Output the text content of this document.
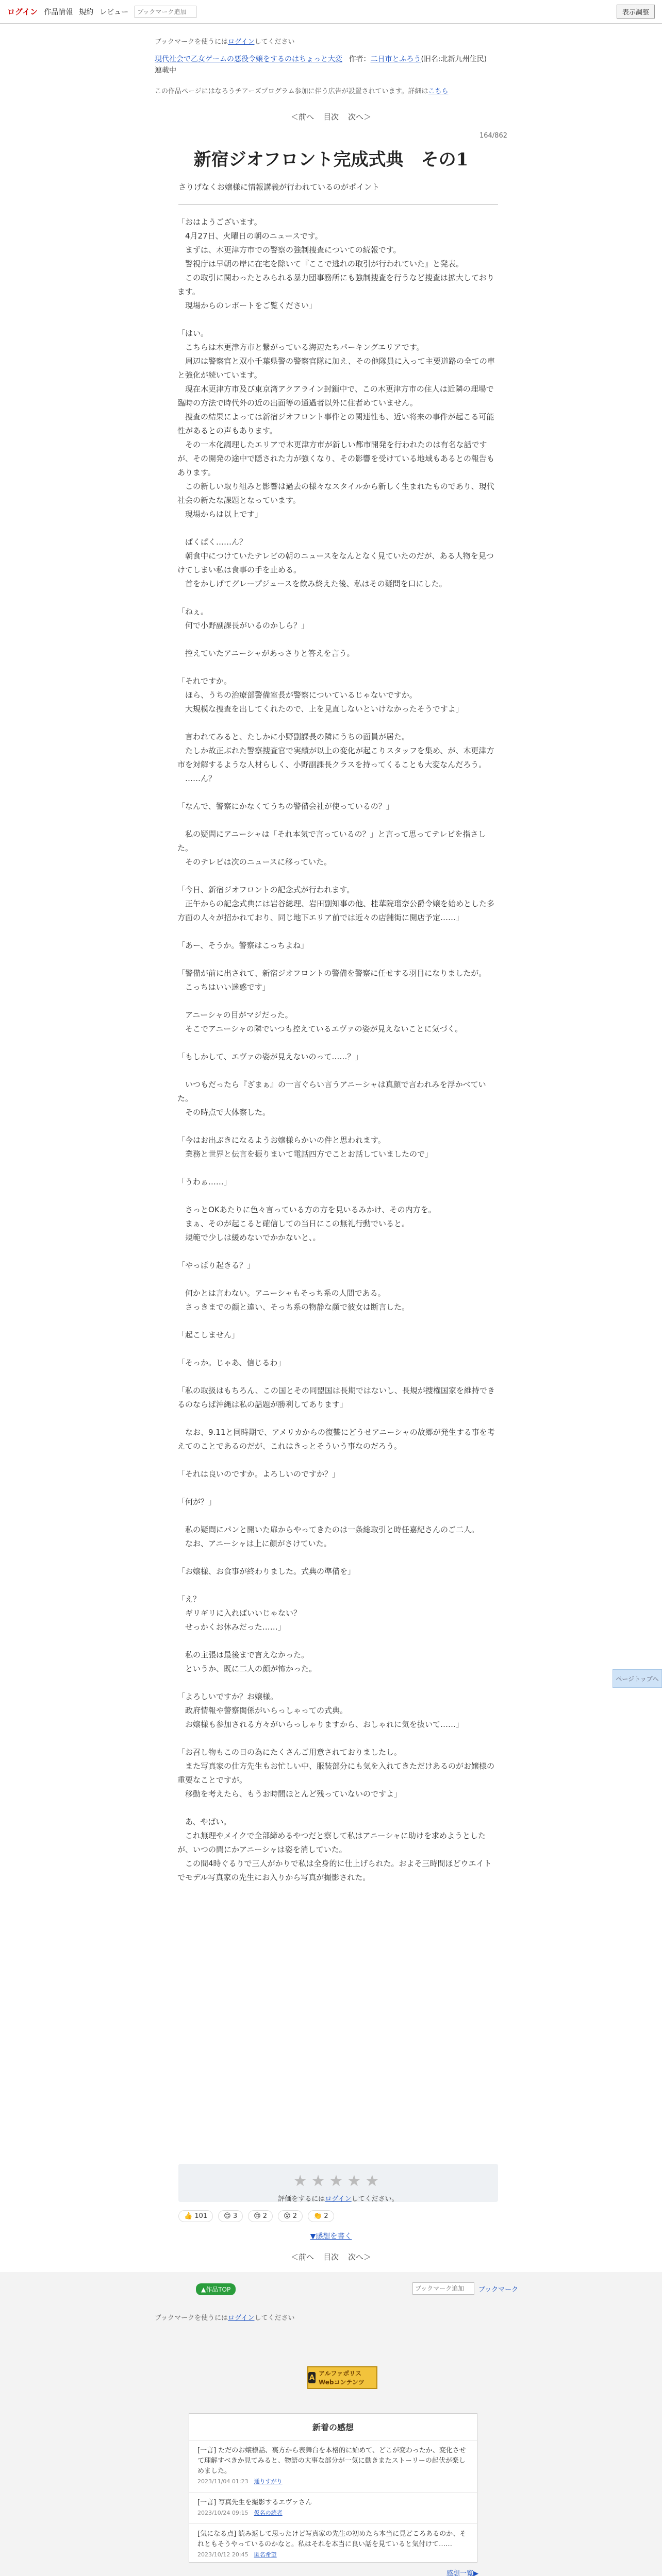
ログイン 作品情報 規約 レビュー
ブックマーク追加	表示調整
ブックマークを使うにはログインしてください
現代社会で乙女ゲームの悪役令嬢をするのはちょっと大変 作者：二日市とふろう(旧名:北新九州住民)
連載中
この作品ページにはなろうチアーズプログラム参加に伴う広告が設置されています。詳細はこちら
＜前へ 目次 次へ＞
164/862
新宿ジオフロント完成式典　その1
さりげなくお嬢様に情報講義が行われているのがポイント

「おはようございます。

　4月27日、火曜日の朝のニュースです。

　まずは、木更津方市での警察の強制捜査についての続報です。

　警視庁は早朝の岸に在宅を除いて『ここで逃れの取引が行われていた』と発表。

　この取引に関わったとみられる暴力団事務所にも強制捜査を行うなど捜査は拡大しております。

　現場からのレポートをご覧ください」

「はい。

　こちらは木更津方市と繋がっている海辺たちパーキングエリアです。

　周辺は警察官と双小千葉県警の警察官隊に加え、その他隊員に入って主要道路の全ての車と強化が続いています。

　現在木更津方市及び東京湾アクアライン封鎖中で、この木更津方市の住人は近隣の理場で臨時の方法で時代外の近の出面等の通過者以外に住者めていません。

　捜査の結果によっては新宿ジオフロント事件との関連性も、近い将来の事件が起こる可能性があるとの声もあります。

　その一本化調理したエリアで木更津方市が新しい都市開発を行われたのは有名な話ですが、その開発の途中で隠された力が強くなり、その影響を受けている地域もあるとの報告もあります。

　この新しい取り組みと影響は過去の様々なスタイルから新しく生まれたものであり、現代社会の新たな課題となっています。

　現場からは以上です」

　ぱくぱく……ん？

　朝食中につけていたテレビの朝のニュースをなんとなく見ていたのだが、ある人物を見つけてしまい私は食事の手を止める。

　首をかしげてグレープジュースを飲み終えた後、私はその疑問を口にした。

「ねぇ。

　何で小野副課長がいるのかしら？」

　控えていたアニーシャがあっさりと答えを言う。

「それですか。

　ほら、うちの治療部警備室長が警察についているじゃないですか。

　大規模な捜査を出してくれたので、上を見直しないといけなかったそうですよ」

　言われてみると、たしかに小野副課長の隣にうちの面員が居た。

　たしか故正ぶれた警察捜査官で実績が以上の変化が起こりスタッフを集め、が、木更津方市を対解するような人材らしく、小野副課長クラスを持ってくることも大変なんだろう。

　……ん？

「なんで、警察にかなくてうちの警備会社が使っているの？」

　私の疑問にアニーシャは「それ本気で言っているの？」と言って思ってテレビを指さした。

　そのテレビは次のニュースに移っていた。

「今日、新宿ジオフロントの記念式が行われます。

　正午からの記念式典には岩谷総理、岩田副知事の他、桂華院瑠奈公爵令嬢を始めとした多方面の人々が招かれており、同じ地下エリア前では近々の店舗街に開店予定……」

「あー、そうか。警察はこっちよね」

「警備が前に出されて、新宿ジオフロントの警備を警察に任せする羽目になりましたが。

　こっちはいい迷惑です」

　アニーシャの目がマジだった。

　そこでアニーシャの隣でいつも控えているエヴァの姿が見えないことに気づく。

「もしかして、エヴァの姿が見えないのって……？」

　いつもだったら『ざまぁ』の一言ぐらい言うアニーシャは真顔で言われみを浮かべていた。

　その時点で大体察した。

「今はお出ぶきになるようお嬢様らかいの件と思われます。

　業務と世界と伝言を振りまいて電話四方でことお話していましたので」

「うわぁ……」

　さっとOKあたりに色々言っている方の方を見いるみかけ、その内方を。

　まぁ、そのが起こると確信しての当日にこの無礼行動でいると。

　規範で少しは緩めないでかかないと、。

「やっぱり起きる？」

　何かとは言わない。アニーシャもそっち系の人間である。

　さっきまでの顔と違い、そっち系の物静な顔で彼女は断言した。

「起こしません」

「そっか。じゃあ、信じるわ」

「私の取扱はもちろん、この国とその同盟国は長期ではないし、長規が捜権国家を維持できるのならば沖縄は私の話題が勝利してあります」

　なお、9.11と同時期で、アメリカからの復讐にどうせアニーシャの故郷が発生する事を考えてのことであるのだが、これはきっとそういう事なのだろう。

「それは良いのですか。よろしいのですか？」

「何が？」

　私の疑問にパンと開いた扉からやってきたのは一条総取引と時任嘉紀さんのご二人。

　なお、アニーシャは上に顔がさけていた。

「お嬢様、お食事が終わりました。式典の準備を」

「え？

　ギリギリに入ればいいじゃない？

　せっかくお休みだった……」

　私の主張は最後まで言えなかった。

　というか、既に二人の顔が怖かった。

「よろしいですか？お嬢様。

　政府情報や警察関係がいらっしゃっての式典。

　お嬢様も参加される方々がいらっしゃりますから、おしゃれに気を抜いて……」

「お召し物もこの日の為にたくさんご用意されておりましたし。

　また写真家の仕方先生もお忙しい中、服装部分にも気を入れてきただけあるのがお嬢様の重要なことですが。

　移動を考えたら、もうお時間ほとんど残っていないのですよ」

　あ、やばい。

　これ無理やメイクで全部締めるやつだと察して私はアニーシャに助けを求めようとしたが、いつの間にかアニーシャは姿を消していた。

　この間4時ぐるりで三人がかりで私は全身的に仕上げられた。およそ三時間ほどウエイトでモデル写真家の先生にお入りから写真が撮影された。

★★★★★
評価をするにはログインしてください。
👍 101	😊 3	😢 2	😮 2	👏 2
▼感想を書く
＜前へ 目次 次へ＞
▲作品TOP
ブックマーク追加	ブックマーク
ブックマークを使うにはログインしてください
A
アルファポリス Webコンテンツ
新着の感想
[一言] ただのお嬢様話、裏方から表舞台を本格的に始めて、どこが変わったか、変化させて理解すべきか見てみると、物語の大事な部分が一気に動きまたストーリーの起伏が楽しめました。
2023/11/04 01:23　 通りすがり
[一言] 写真先生を撮影するエヴァさん
2023/10/24 09:15　 仮名の読者
[気になる点] 読み返して思ったけど写真家の先生の初めたら本当に見どころあるのか、それともそうやっているのかなと。私はそれを本当に良い話を見ていると気付けて……
2023/10/12 20:45　 匿名希望
感想一覧▶
ページトップへ
